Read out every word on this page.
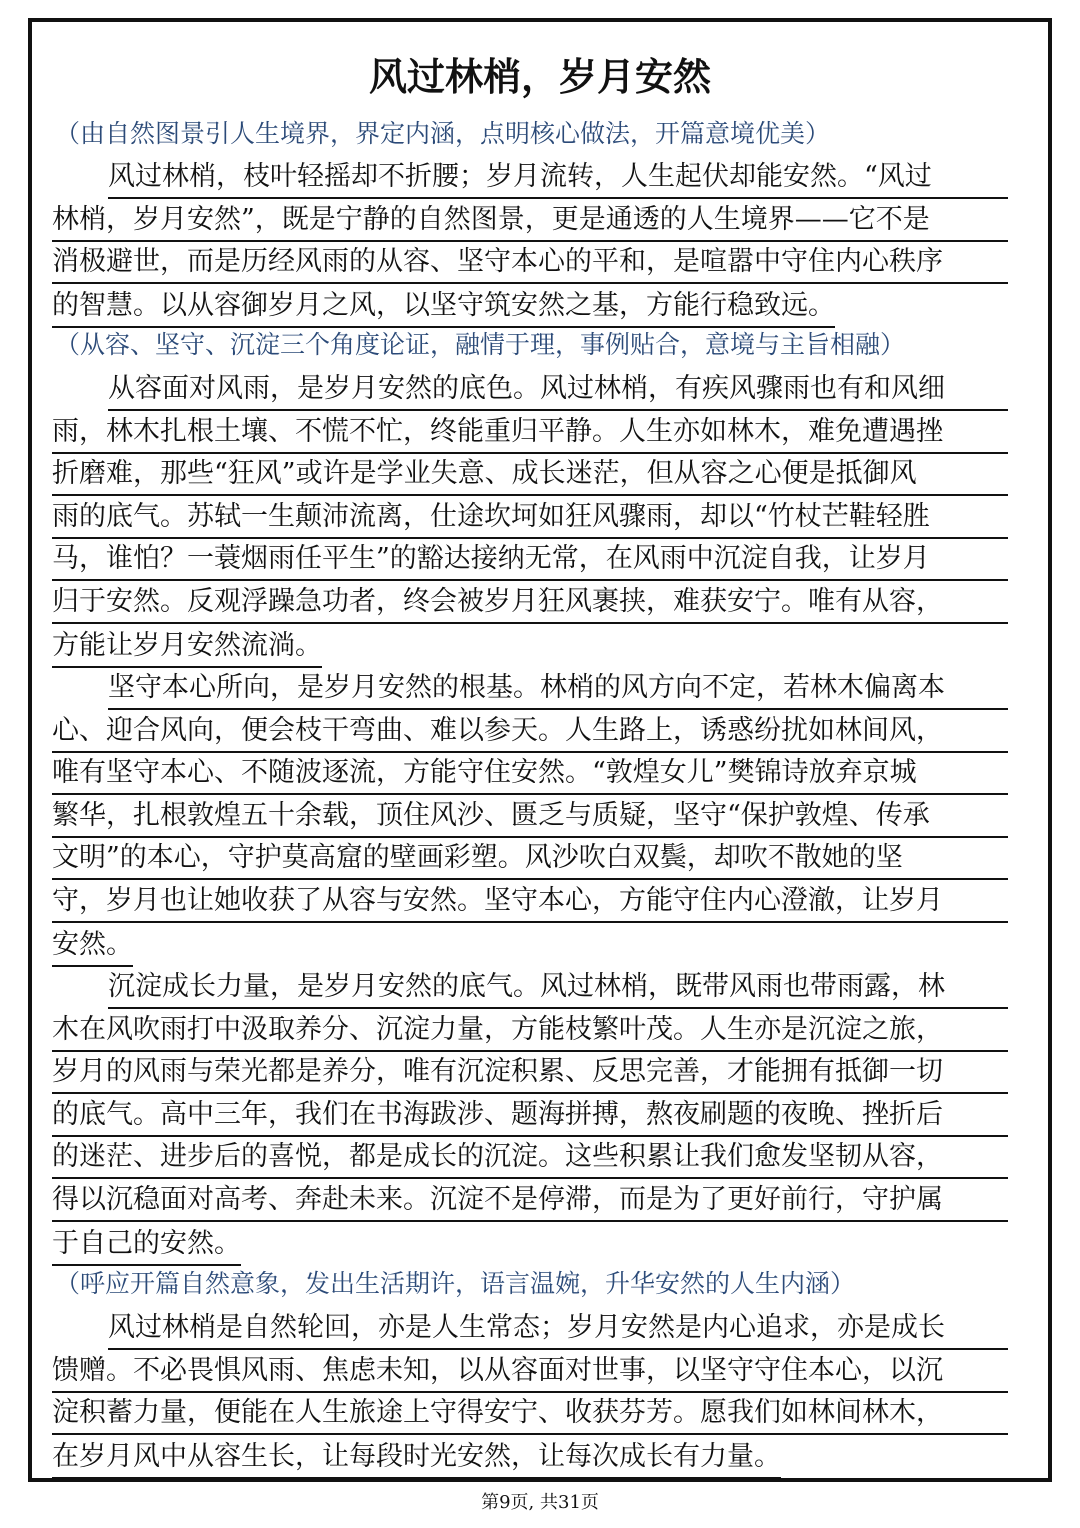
风过林梢，岁月安然
（由自然图景引人生境界，界定内涵，点明核心做法，开篇意境优美）
风过林梢，枝叶轻摇却不折腰；岁月流转，人生起伏却能安然。“风过
林梢，岁月安然”，既是宁静的自然图景，更是通透的人生境界——它不是
消极避世，而是历经风雨的从容、坚守本心的平和，是喧嚣中守住内心秩序
的智慧。以从容御岁月之风，以坚守筑安然之基，方能行稳致远。
（从容、坚守、沉淀三个角度论证，融情于理，事例贴合，意境与主旨相融）
从容面对风雨，是岁月安然的底色。风过林梢，有疾风骤雨也有和风细
雨，林木扎根土壤、不慌不忙，终能重归平静。人生亦如林木，难免遭遇挫
折磨难，那些“狂风”或许是学业失意、成长迷茫，但从容之心便是抵御风
雨的底气。苏轼一生颠沛流离，仕途坎坷如狂风骤雨，却以“竹杖芒鞋轻胜
马，谁怕？一蓑烟雨任平生”的豁达接纳无常，在风雨中沉淀自我，让岁月
归于安然。反观浮躁急功者，终会被岁月狂风裹挟，难获安宁。唯有从容，
方能让岁月安然流淌。
坚守本心所向，是岁月安然的根基。林梢的风方向不定，若林木偏离本
心、迎合风向，便会枝干弯曲、难以参天。人生路上，诱惑纷扰如林间风，
唯有坚守本心、不随波逐流，方能守住安然。“敦煌女儿”樊锦诗放弃京城
繁华，扎根敦煌五十余载，顶住风沙、匮乏与质疑，坚守“保护敦煌、传承
文明”的本心，守护莫高窟的壁画彩塑。风沙吹白双鬓，却吹不散她的坚
守，岁月也让她收获了从容与安然。坚守本心，方能守住内心澄澈，让岁月
安然。
沉淀成长力量，是岁月安然的底气。风过林梢，既带风雨也带雨露，林
木在风吹雨打中汲取养分、沉淀力量，方能枝繁叶茂。人生亦是沉淀之旅，
岁月的风雨与荣光都是养分，唯有沉淀积累、反思完善，才能拥有抵御一切
的底气。高中三年，我们在书海跋涉、题海拼搏，熬夜刷题的夜晚、挫折后
的迷茫、进步后的喜悦，都是成长的沉淀。这些积累让我们愈发坚韧从容，
得以沉稳面对高考、奔赴未来。沉淀不是停滞，而是为了更好前行，守护属
于自己的安然。
（呼应开篇自然意象，发出生活期许，语言温婉，升华安然的人生内涵）
风过林梢是自然轮回，亦是人生常态；岁月安然是内心追求，亦是成长
馈赠。不必畏惧风雨、焦虑未知，以从容面对世事，以坚守守住本心，以沉
淀积蓄力量，便能在人生旅途上守得安宁、收获芬芳。愿我们如林间林木，
在岁月风中从容生长，让每段时光安然，让每次成长有力量。
第9页, 共31页
